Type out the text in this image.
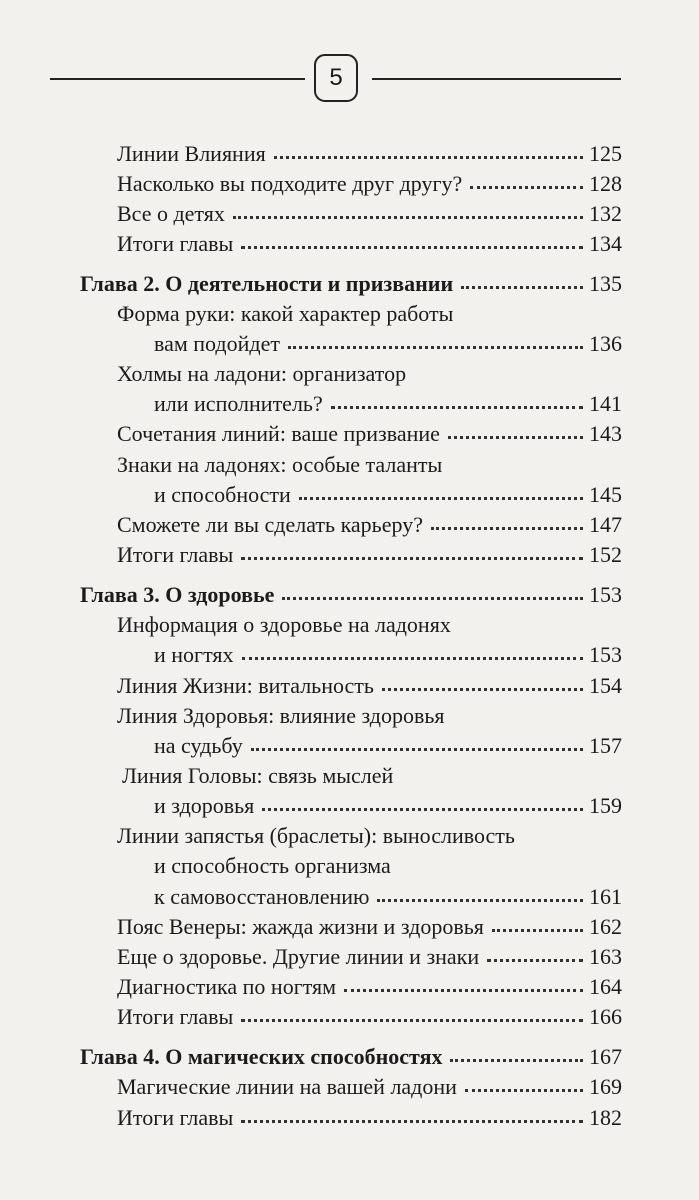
5
Линии Влияния	125
Насколько вы подходите друг другу?	128
Все о детях	132
Итоги главы	134
Глава 2. О деятельности и призвании	135
Форма руки: какой характер работы
вам подойдет	136
Холмы на ладони: организатор
или исполнитель?	141
Сочетания линий: ваше призвание	143
Знаки на ладонях: особые таланты
и способности	145
Сможете ли вы сделать карьеру?	147
Итоги главы	152
Глава 3. О здоровье	153
Информация о здоровье на ладонях
и ногтях	153
Линия Жизни: витальность	154
Линия Здоровья: влияние здоровья
на судьбу	157
Линия Головы: связь мыслей
и здоровья	159
Линии запястья (браслеты): выносливость
и способность организма
к самовосстановлению	161
Пояс Венеры: жажда жизни и здоровья	162
Еще о здоровье. Другие линии и знаки	163
Диагностика по ногтям	164
Итоги главы	166
Глава 4. О магических способностях	167
Магические линии на вашей ладони	169
Итоги главы	182
